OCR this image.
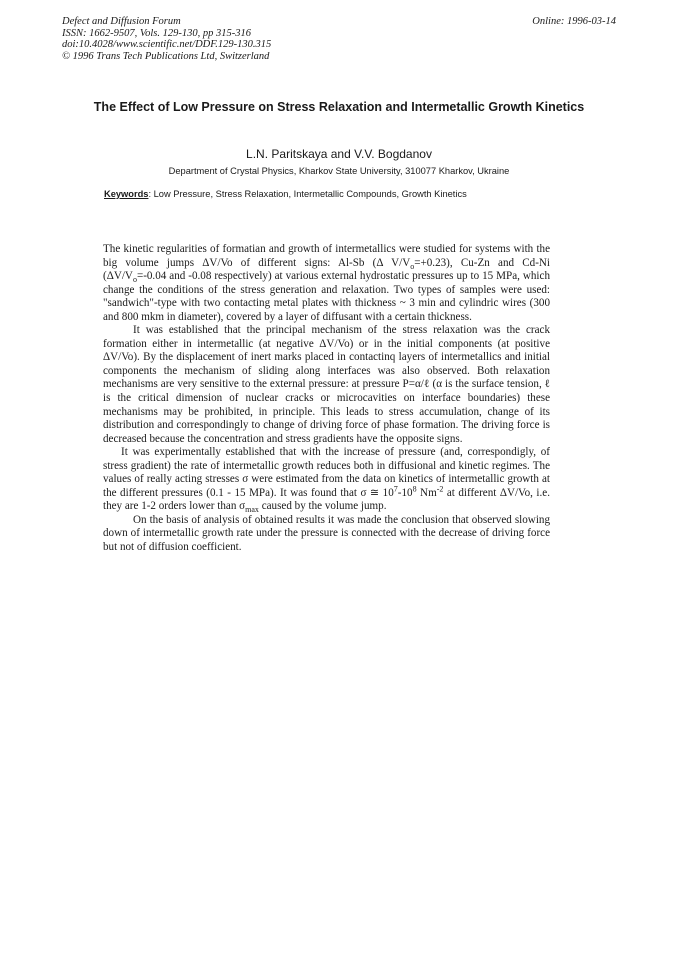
Defect and Diffusion Forum
ISSN: 1662-9507, Vols. 129-130, pp 315-316
doi:10.4028/www.scientific.net/DDF.129-130.315
© 1996 Trans Tech Publications Ltd, Switzerland
Online: 1996-03-14
The Effect of Low Pressure on Stress Relaxation and Intermetallic Growth Kinetics
L.N. Paritskaya and V.V. Bogdanov
Department of Crystal Physics, Kharkov State University, 310077 Kharkov, Ukraine
Keywords: Low Pressure, Stress Relaxation, Intermetallic Compounds, Growth Kinetics

The kinetic regularities of formatian and growth of intermetallics were studied for systems with the big volume jumps ΔV/Vo of different signs: Al-Sb (Δ $V/V_o=+0.23$), Cu-Zn and Cd-Ni ($\Delta V/V_o=-0.04$ and -0.08 respectively) at various external hydrostatic pressures up to 15 MPa, which change the conditions of the stress generation and relaxation. Two types of samples were used: "sandwich"-type with two contacting metal plates with thickness ~ 3 min and cylindric wires (300 and 800 mkm in diameter), covered by a layer of diffusant with a certain thickness.

It was established that the principal mechanism of the stress relaxation was the crack formation either in intermetallic (at negative ΔV/Vo) or in the initial components (at positive ΔV/Vo). By the displacement of inert marks placed in contactinq layers of intermetallics and initial components the mechanism of sliding along interfaces was also observed. Both relaxation mechanisms are very sensitive to the external pressure: at pressure P=α/ℓ (α is the surface tension, ℓ is the critical dimension of nuclear cracks or microcavities on interface boundaries) these mechanisms may be prohibited, in principle. This leads to stress accumulation, change of its distribution and correspondingly to change of driving force of phase formation. The driving force is decreased because the concentration and stress gradients have the opposite signs.

It was experimentally established that with the increase of pressure (and, correspondigly, of stress gradient) the rate of intermetallic growth reduces both in diffusional and kinetic regimes. The values of really acting stresses σ were estimated from the data on kinetics of intermetallic growth at the different pressures (0.1 - 15 MPa). It was found that σ ≅ $10^7-10^8$ $Nm^{-2}$ at different ΔV/Vo, i.e. they are 1-2 orders lower than $\sigma_{max}$ caused by the volume jump.

On the basis of analysis of obtained results it was made the conclusion that observed slowing down of intermetallic growth rate under the pressure is connected with the decrease of driving force but not of diffusion coefficient.
